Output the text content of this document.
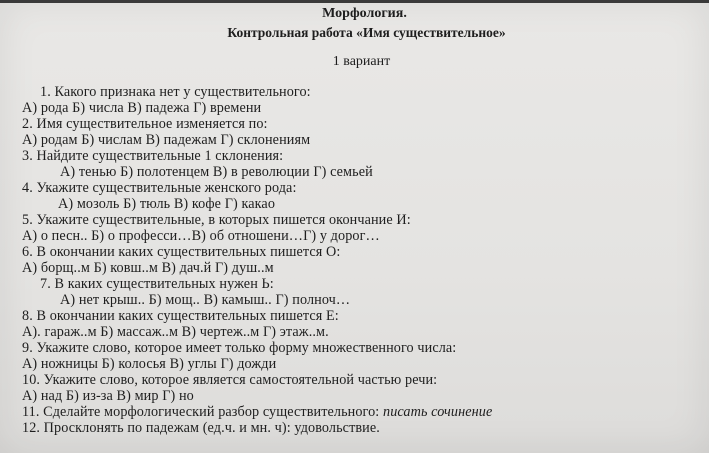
Морфология.
Контрольная работа «Имя существительное»
1 вариант
1. Какого признака нет у существительного:
А) рода Б) числа В) падежа Г) времени
2. Имя существительное изменяется по:
А) родам Б) числам В) падежам Г) склонениям
3. Найдите существительные 1 склонения:
А) тенью Б) полотенцем В) в революции Г) семьей
4. Укажите существительные женского рода:
А) мозоль Б) тюль В) кофе Г) какао
5. Укажите существительные, в которых пишется окончание И:
А) о песн.. Б) о професси…В) об отношени…Г) у дорог…
6. В окончании каких существительных пишется О:
А) борщ..м Б) ковш..м В) дач.й Г) душ..м
7. В каких существительных нужен Ь:
А) нет крыш.. Б) мощ.. В) камыш.. Г) полноч…
8. В окончании каких существительных пишется Е:
А). гараж..м Б) массаж..м В) чертеж..м Г) этаж..м.
9. Укажите слово, которое имеет только форму множественного числа:
А) ножницы Б) колосья В) углы Г) дожди
10. Укажите слово, которое является самостоятельной частью речи:
А) над Б) из-за В) мир Г) но
11. Сделайте морфологический разбор существительного: писать сочинение
12. Просклонять по падежам (ед.ч. и мн. ч): удовольствие.
